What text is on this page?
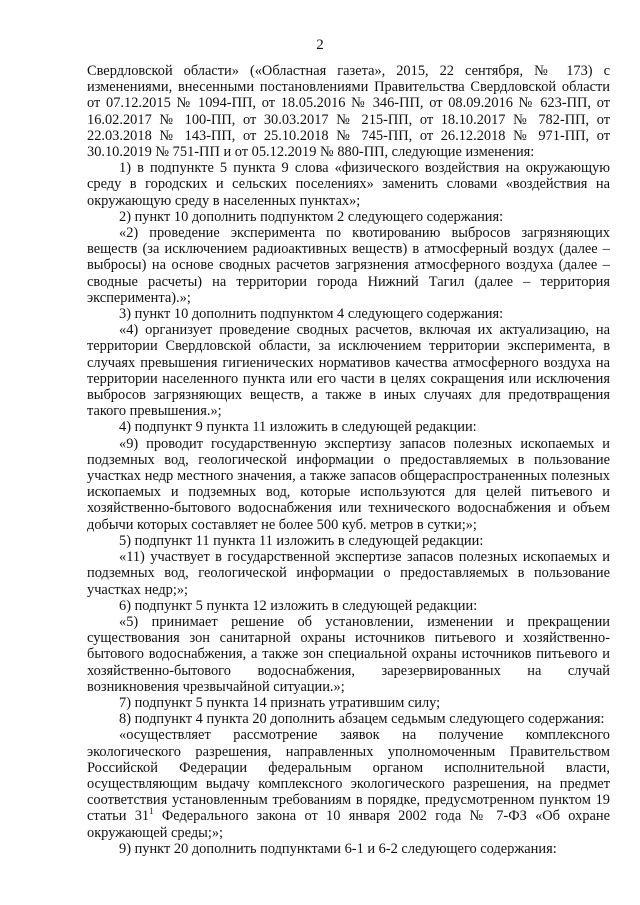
2

Свердловской области» («Областная газета», 2015, 22 сентября, № 173) с изменениями, внесенными постановлениями Правительства Свердловской области от 07.12.2015 № 1094-ПП, от 18.05.2016 № 346-ПП, от 08.09.2016 № 623-ПП, от 16.02.2017 № 100-ПП, от 30.03.2017 № 215-ПП, от 18.10.2017 № 782-ПП, от 22.03.2018 № 143-ПП, от 25.10.2018 № 745-ПП, от 26.12.2018 № 971-ПП, от 30.10.2019 № 751-ПП и от 05.12.2019 № 880-ПП, следующие изменения:

1) в подпункте 5 пункта 9 слова «физического воздействия на окружающую среду в городских и сельских поселениях» заменить словами «воздействия на окружающую среду в населенных пунктах»;

2) пункт 10 дополнить подпунктом 2 следующего содержания:

«2) проведение эксперимента по квотированию выбросов загрязняющих веществ (за исключением радиоактивных веществ) в атмосферный воздух (далее – выбросы) на основе сводных расчетов загрязнения атмосферного воздуха (далее – сводные расчеты) на территории города Нижний Тагил (далее – территория эксперимента).»;

3) пункт 10 дополнить подпунктом 4 следующего содержания:

«4) организует проведение сводных расчетов, включая их актуализацию, на территории Свердловской области, за исключением территории эксперимента, в случаях превышения гигиенических нормативов качества атмосферного воздуха на территории населенного пункта или его части в целях сокращения или исключения выбросов загрязняющих веществ, а также в иных случаях для предотвращения такого превышения.»;

4) подпункт 9 пункта 11 изложить в следующей редакции:

«9) проводит государственную экспертизу запасов полезных ископаемых и подземных вод, геологической информации о предоставляемых в пользование участках недр местного значения, а также запасов общераспространенных полезных ископаемых и подземных вод, которые используются для целей питьевого и хозяйственно-бытового водоснабжения или технического водоснабжения и объем добычи которых составляет не более 500 куб. метров в сутки;»;

5) подпункт 11 пункта 11 изложить в следующей редакции:

«11) участвует в государственной экспертизе запасов полезных ископаемых и подземных вод, геологической информации о предоставляемых в пользование участках недр;»;

6) подпункт 5 пункта 12 изложить в следующей редакции:

«5) принимает решение об установлении, изменении и прекращении существования зон санитарной охраны источников питьевого и хозяйственно-бытового водоснабжения, а также зон специальной охраны источников питьевого и хозяйственно-бытового водоснабжения, зарезервированных на случай возникновения чрезвычайной ситуации.»;

7) подпункт 5 пункта 14 признать утратившим силу;

8) подпункт 4 пункта 20 дополнить абзацем седьмым следующего содержания:

«осуществляет рассмотрение заявок на получение комплексного экологического разрешения, направленных уполномоченным Правительством Российской Федерации федеральным органом исполнительной власти, осуществляющим выдачу комплексного экологического разрешения, на предмет соответствия установленным требованиям в порядке, предусмотренном пунктом 19 статьи $31^1$ Федерального закона от 10 января 2002 года № 7-ФЗ «Об охране окружающей среды;»;

9) пункт 20 дополнить подпунктами 6-1 и 6-2 следующего содержания:
